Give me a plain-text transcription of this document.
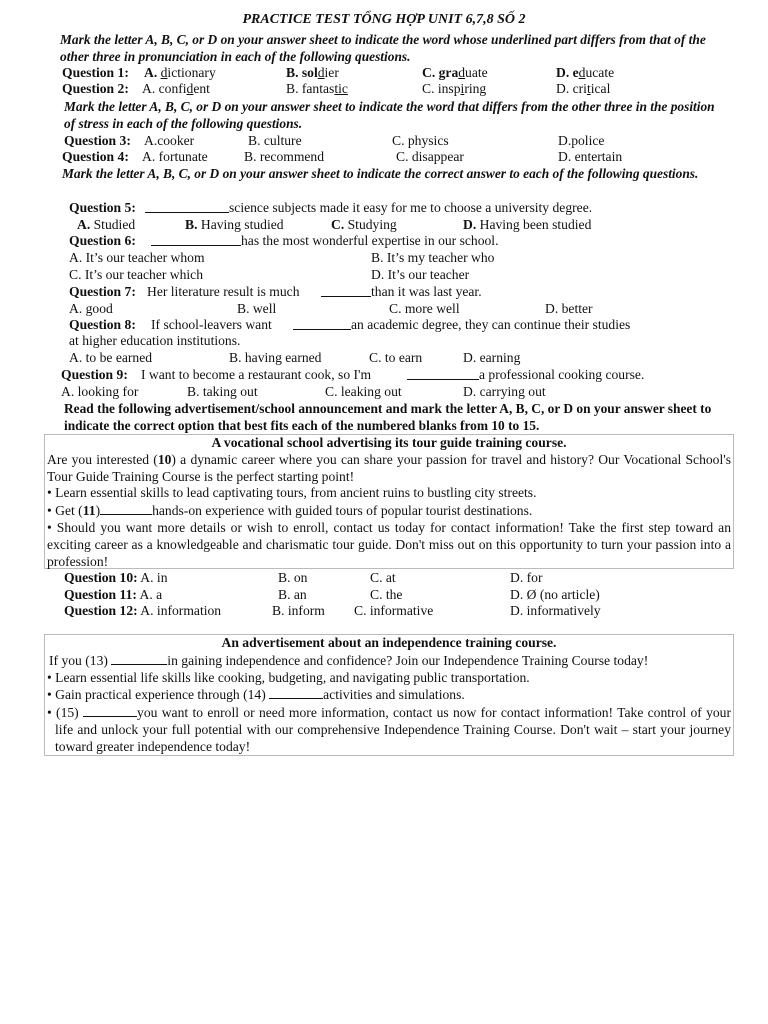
PRACTICE TEST TỔNG HỢP UNIT 6,7,8 SỐ 2
Mark the letter A, B, C, or D on your answer sheet to indicate the word whose underlined part differs from that of the other three in pronunciation in each of the following questions.
Question 1: A. dictionary	B. soldier	C. graduate	D. educate
Question 2: A. confident	B. fantastic	C. inspiring	D. critical
Mark the letter A, B, C, or D on your answer sheet to indicate the word that differs from the other three in the position of stress in each of the following questions.
Question 3: A.cooker	B. culture	C. physics	D.police
Question 4: A. fortunate	B. recommend	C. disappear	D. entertain
Mark the letter A, B, C, or D on your answer sheet to indicate the correct answer to each of the following questions.
Question 5:	science subjects made it easy for me to choose a university degree.
A. Studied	B. Having studied	C. Studying	D. Having been studied
Question 6:	has the most wonderful expertise in our school.
A. It’s our teacher whom	B. It’s my teacher who
C. It’s our teacher which	D. It’s our teacher
Question 7: Her literature result is much	than it was last year.
A. good	B. well	C. more well	D. better
Question 8: If school-leavers want	an academic degree, they can continue their studies
at higher education institutions.
A. to be earned	B. having earned	C. to earn	D. earning
Question 9: I want to become a restaurant cook, so I'm	a professional cooking course.
A. looking for	B. taking out	C. leaking out	D. carrying out
Read the following advertisement/school announcement and mark the letter A, B, C, or D on your answer sheet to indicate the correct option that best fits each of the numbered blanks from 10 to 15.
A vocational school advertising its tour guide training course.
Are you interested (10) a dynamic career where you can share your passion for travel and history? Our Vocational School's Tour Guide Training Course is the perfect starting point!
• Learn essential skills to lead captivating tours, from ancient ruins to bustling city streets.
• Get (11)	hands-on experience with guided tours of popular tourist destinations.
• Should you want more details or wish to enroll, contact us today for contact information! Take the first step toward an exciting career as a knowledgeable and charismatic tour guide. Don't miss out on this opportunity to turn your passion into a profession!
Question 10: A. in	B. on	C. at	D. for
Question 11: A. a	B. an	C. the	D. Ø (no article)
Question 12: A. information	B. inform C. informative	D. informatively
An advertisement about an independence training course.
If you (13)	in gaining independence and confidence? Join our Independence Training Course today!
• Learn essential life skills like cooking, budgeting, and navigating public transportation.
• Gain practical experience through (14)	activities and simulations.
• (15)	you want to enroll or need more information, contact us now for contact information! Take control of your life and unlock your full potential with our comprehensive Independence Training Course. Don't wait – start your journey toward greater independence today!
